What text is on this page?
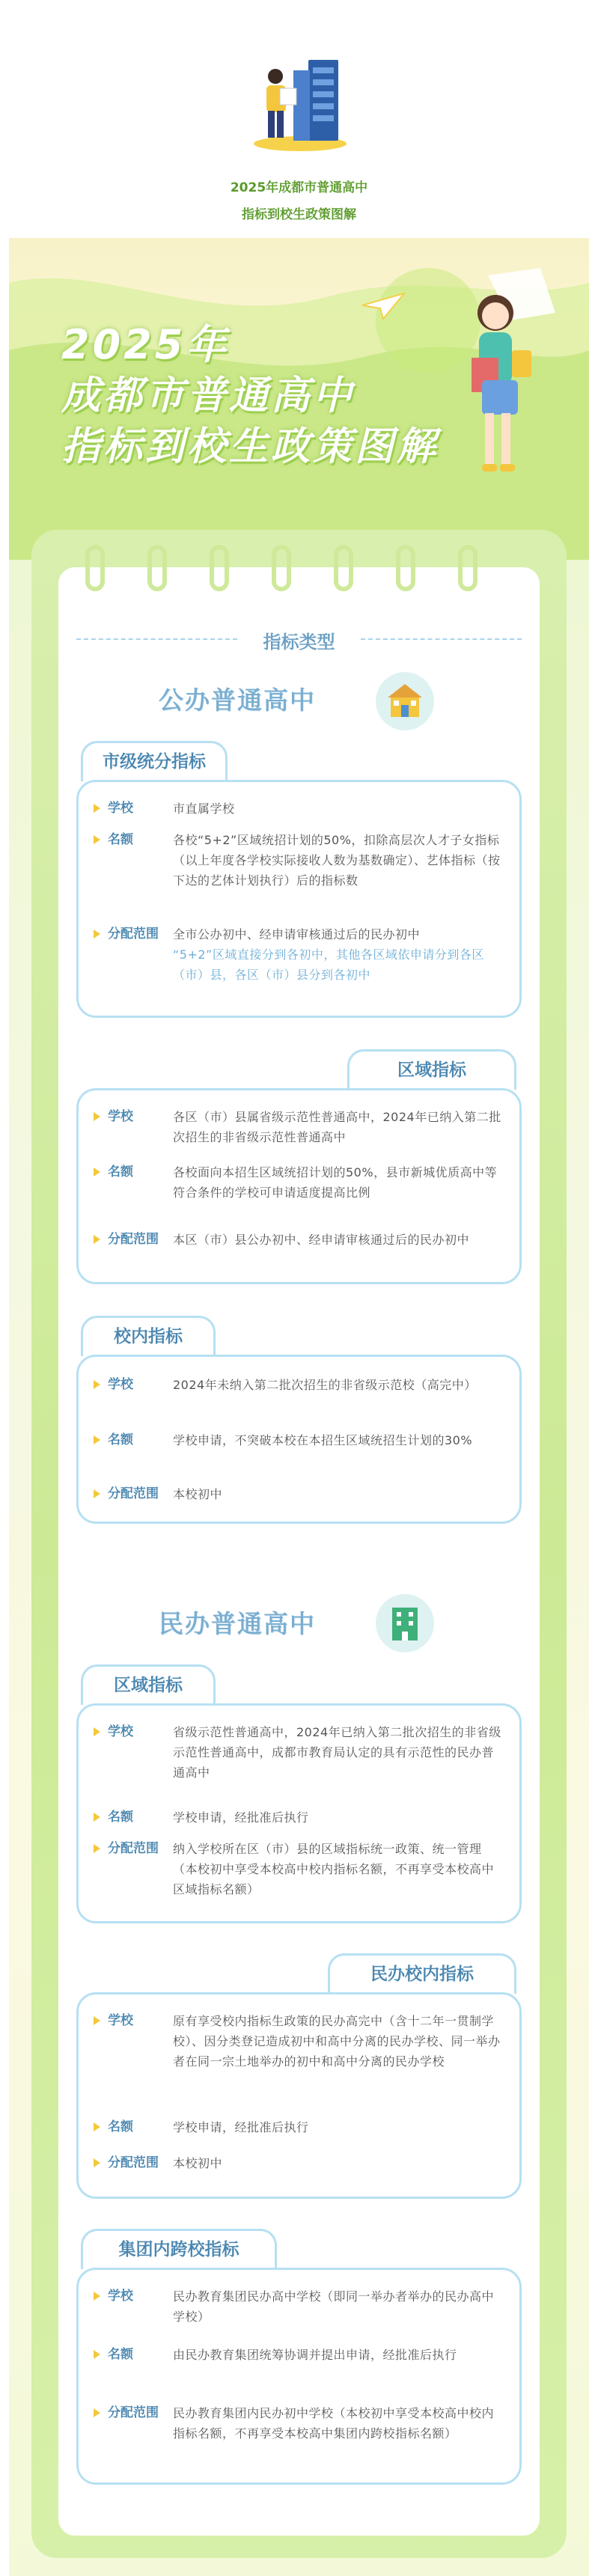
2025年成都市普通高中
指标到校生政策图解
2025年
成都市普通高中
指标到校生政策图解
指标类型
公办普通高中
市级统分指标
学校	市直属学校
名额	各校“5+2”区域统招计划的50%，扣除高层次人才子女指标（以上年度各学校实际接收人数为基数确定）、艺体指标（按下达的艺体计划执行）后的指标数
分配范围 全市公办初中、经申请审核通过后的民办初中
“5+2”区域直接分到各初中，其他各区域依申请分到各区（市）县，各区（市）县分到各初中
区域指标
学校	各区（市）县属省级示范性普通高中，2024年已纳入第二批次招生的非省级示范性普通高中
名额	各校面向本招生区域统招计划的50%，县市新城优质高中等符合条件的学校可申请适度提高比例
分配范围 本区（市）县公办初中、经申请审核通过后的民办初中
校内指标
学校	2024年未纳入第二批次招生的非省级示范校（高完中）
名额	学校申请，不突破本校在本招生区域统招生计划的30%
分配范围 本校初中
民办普通高中
区域指标
学校	省级示范性普通高中，2024年已纳入第二批次招生的非省级示范性普通高中，成都市教育局认定的具有示范性的民办普通高中
名额	学校申请，经批准后执行
分配范围 纳入学校所在区（市）县的区域指标统一政策、统一管理（本校初中享受本校高中校内指标名额，不再享受本校高中区域指标名额）
民办校内指标
学校	原有享受校内指标生政策的民办高完中（含十二年一贯制学校）、因分类登记造成初中和高中分离的民办学校、同一举办者在同一宗土地举办的初中和高中分离的民办学校
名额	学校申请，经批准后执行
分配范围 本校初中
集团内跨校指标
学校	民办教育集团民办高中学校（即同一举办者举办的民办高中学校）
名额	由民办教育集团统筹协调并提出申请，经批准后执行
分配范围 民办教育集团内民办初中学校（本校初中享受本校高中校内指标名额，不再享受本校高中集团内跨校指标名额）
